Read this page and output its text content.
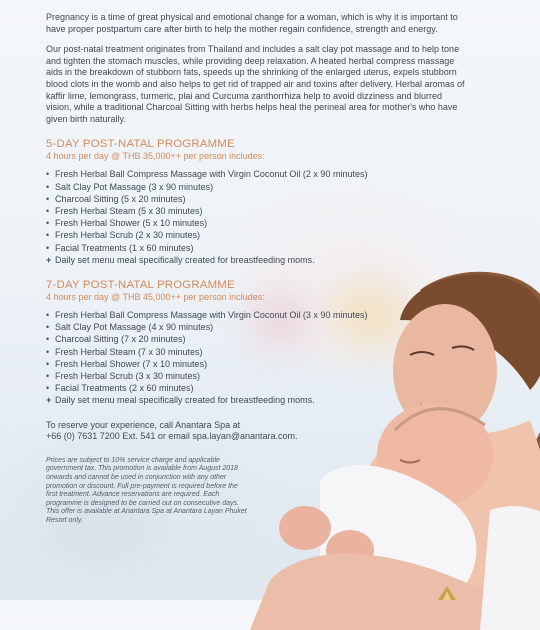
Pregnancy is a time of great physical and emotional change for a woman, which is why it is important to have proper postpartum care after birth to help the mother regain confidence, strength and energy.

Our post-natal treatment originates from Thailand and includes a salt clay pot massage and to help tone and tighten the stomach muscles, while providing deep relaxation. A heated herbal compress massage aids in the breakdown of stubborn fats, speeds up the shrinking of the enlarged uterus, expels stubborn blood clots in the womb and also helps to get rid of trapped air and toxins after delivery. Herbal aromas of kaffir lime, lemongrass, turmeric, plai and Curcuma zanthorrhiza help to avoid dizziness and blurred vision, while a traditional Charcoal Sitting with herbs helps heal the perineal area for mother's who have given birth naturally.

5-DAY POST-NATAL PROGRAMME
4 hours per day @ THB 35,000++ per person includes:
• Fresh Herbal Ball Compress Massage with Virgin Coconut Oil (2 x 90 minutes)
• Salt Clay Pot Massage (3 x 90 minutes)
• Charcoal Sitting (5 x 20 minutes)
• Fresh Herbal Steam (5 x 30 minutes)
• Fresh Herbal Shower (5 x 10 minutes)
• Fresh Herbal Scrub (2 x 30 minutes)
• Facial Treatments (1 x 60 minutes)
+ Daily set menu meal specifically created for breastfeeding moms.
7-DAY POST-NATAL PROGRAMME
4 hours per day @ THB 45,000++ per person includes:
• Fresh Herbal Ball Compress Massage with Virgin Coconut Oil (3 x 90 minutes)
• Salt Clay Pot Massage (4 x 90 minutes)
• Charcoal Sitting (7 x 20 minutes)
• Fresh Herbal Steam (7 x 30 minutes)
• Fresh Herbal Shower (7 x 10 minutes)
• Fresh Herbal Scrub (3 x 30 minutes)
• Facial Treatments (2 x 60 minutes)
+ Daily set menu meal specifically created for breastfeeding moms.

To reserve your experience, call Anantara Spa at

+66 (0) 7631 7200 Ext. 541 or email spa.layan@anantara.com.

Prices are subject to 10% service charge and applicable government tax. This promotion is available from August 2018 onwards and cannot be used in conjunction with any other promotion or discount. Full pre-payment is required before the first treatment. Advance reservations are required. Each programme is designed to be carried out on consecutive days. This offer is available at Anantara Spa at Anantara Layan Phuket Resort only.
